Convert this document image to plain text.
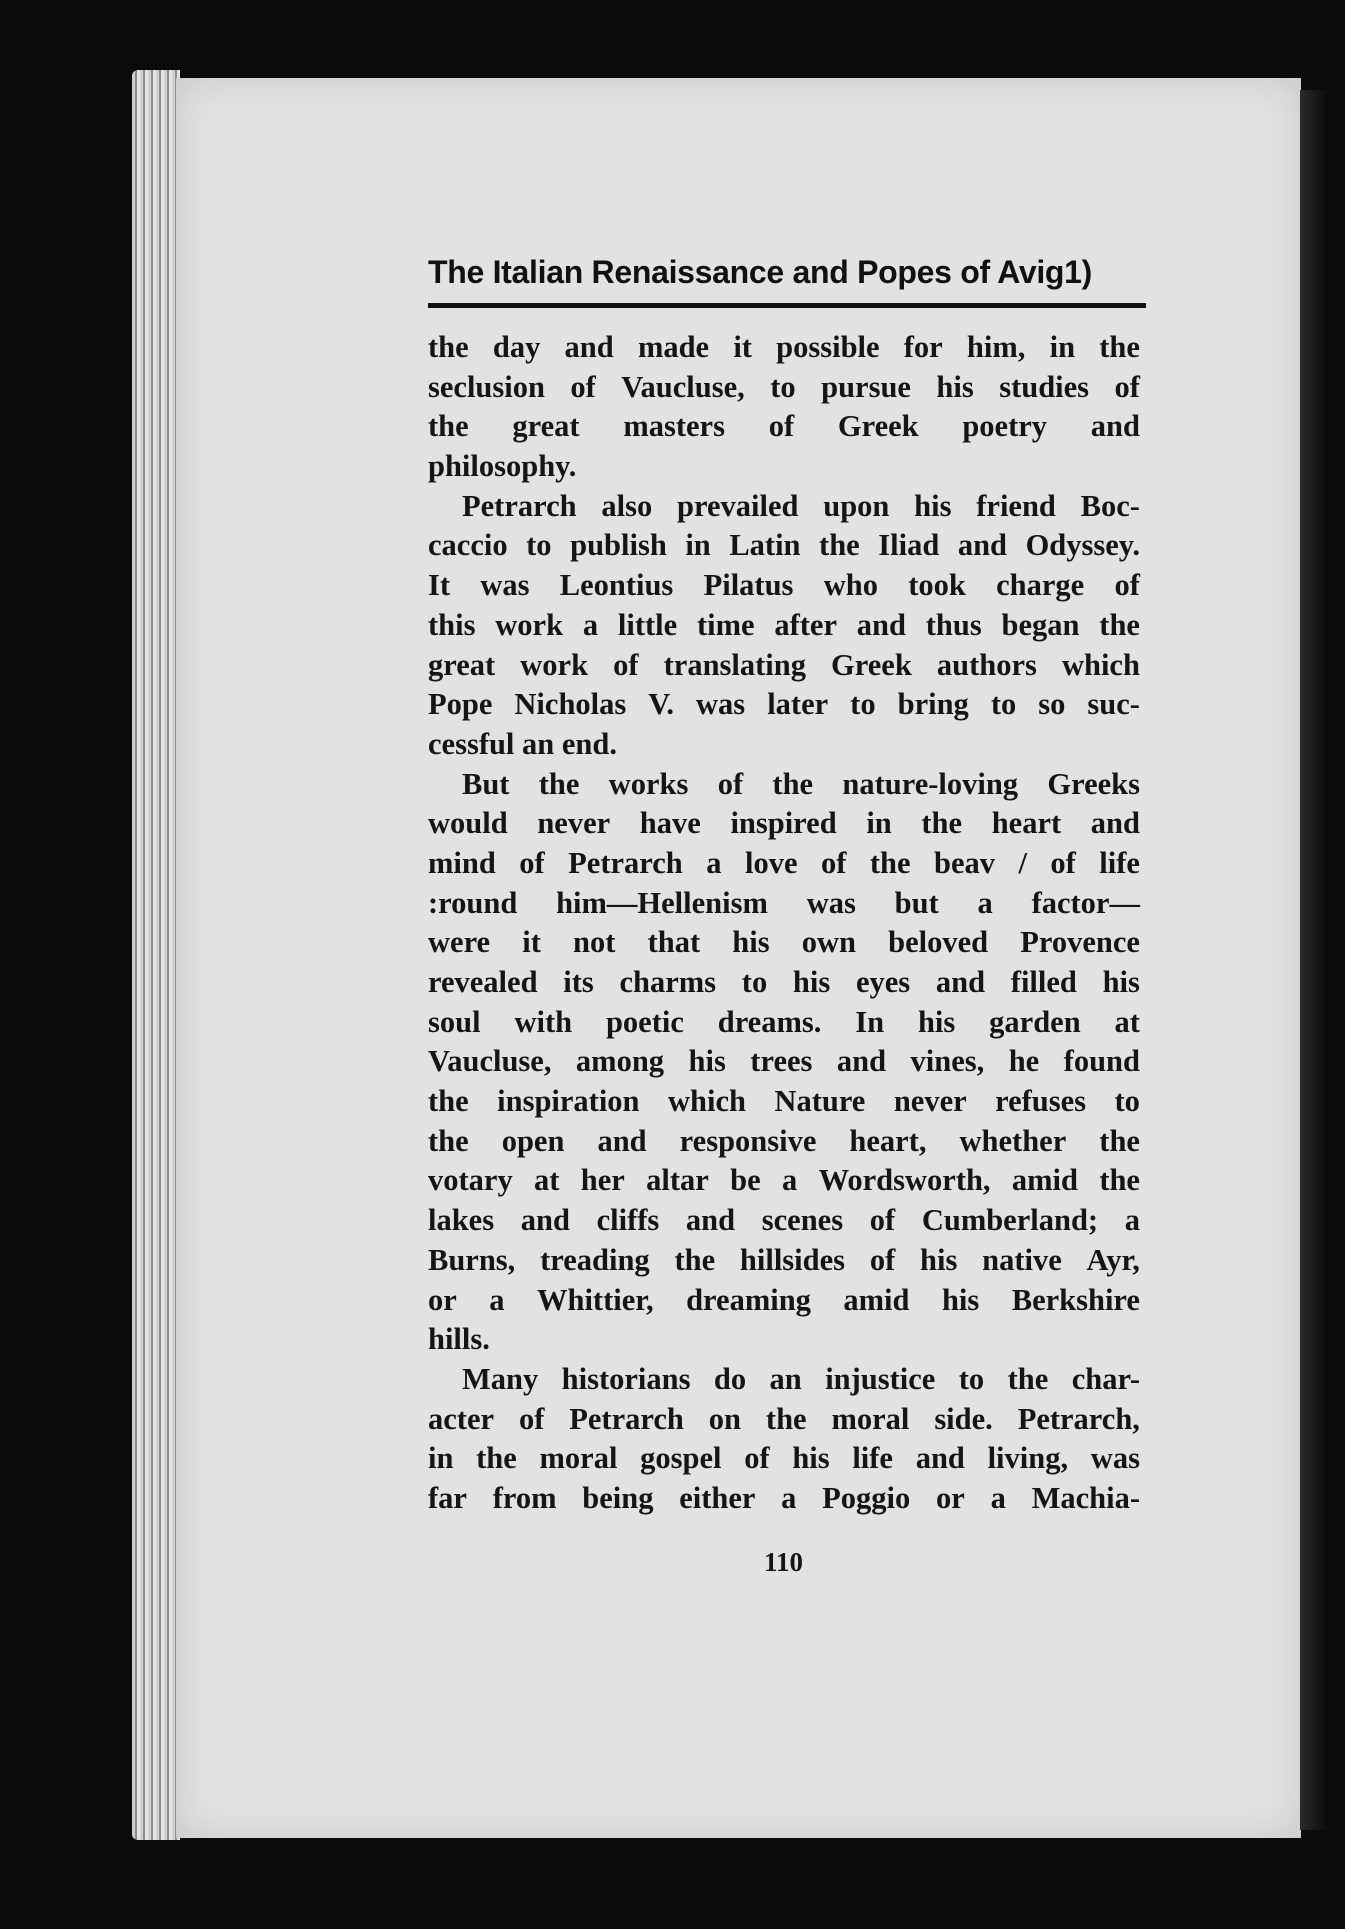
The Italian Renaissance and Popes of Avig1)
the day and made it possible for him, in the
seclusion of Vaucluse, to pursue his studies of
the great masters of Greek poetry and
philosophy.
Petrarch also prevailed upon his friend Boc-
caccio to publish in Latin the Iliad and Odyssey.
It was Leontius Pilatus who took charge of
this work a little time after and thus began the
great work of translating Greek authors which
Pope Nicholas V. was later to bring to so suc-
cessful an end.
But the works of the nature-loving Greeks
would never have inspired in the heart and
mind of Petrarch a love of the beav / of life
:round him—Hellenism was but a factor—
were it not that his own beloved Provence
revealed its charms to his eyes and filled his
soul with poetic dreams. In his garden at
Vaucluse, among his trees and vines, he found
the inspiration which Nature never refuses to
the open and responsive heart, whether the
votary at her altar be a Wordsworth, amid the
lakes and cliffs and scenes of Cumberland; a
Burns, treading the hillsides of his native Ayr,
or a Whittier, dreaming amid his Berkshire
hills.
Many historians do an injustice to the char-
acter of Petrarch on the moral side. Petrarch,
in the moral gospel of his life and living, was
far from being either a Poggio or a Machia-
110
